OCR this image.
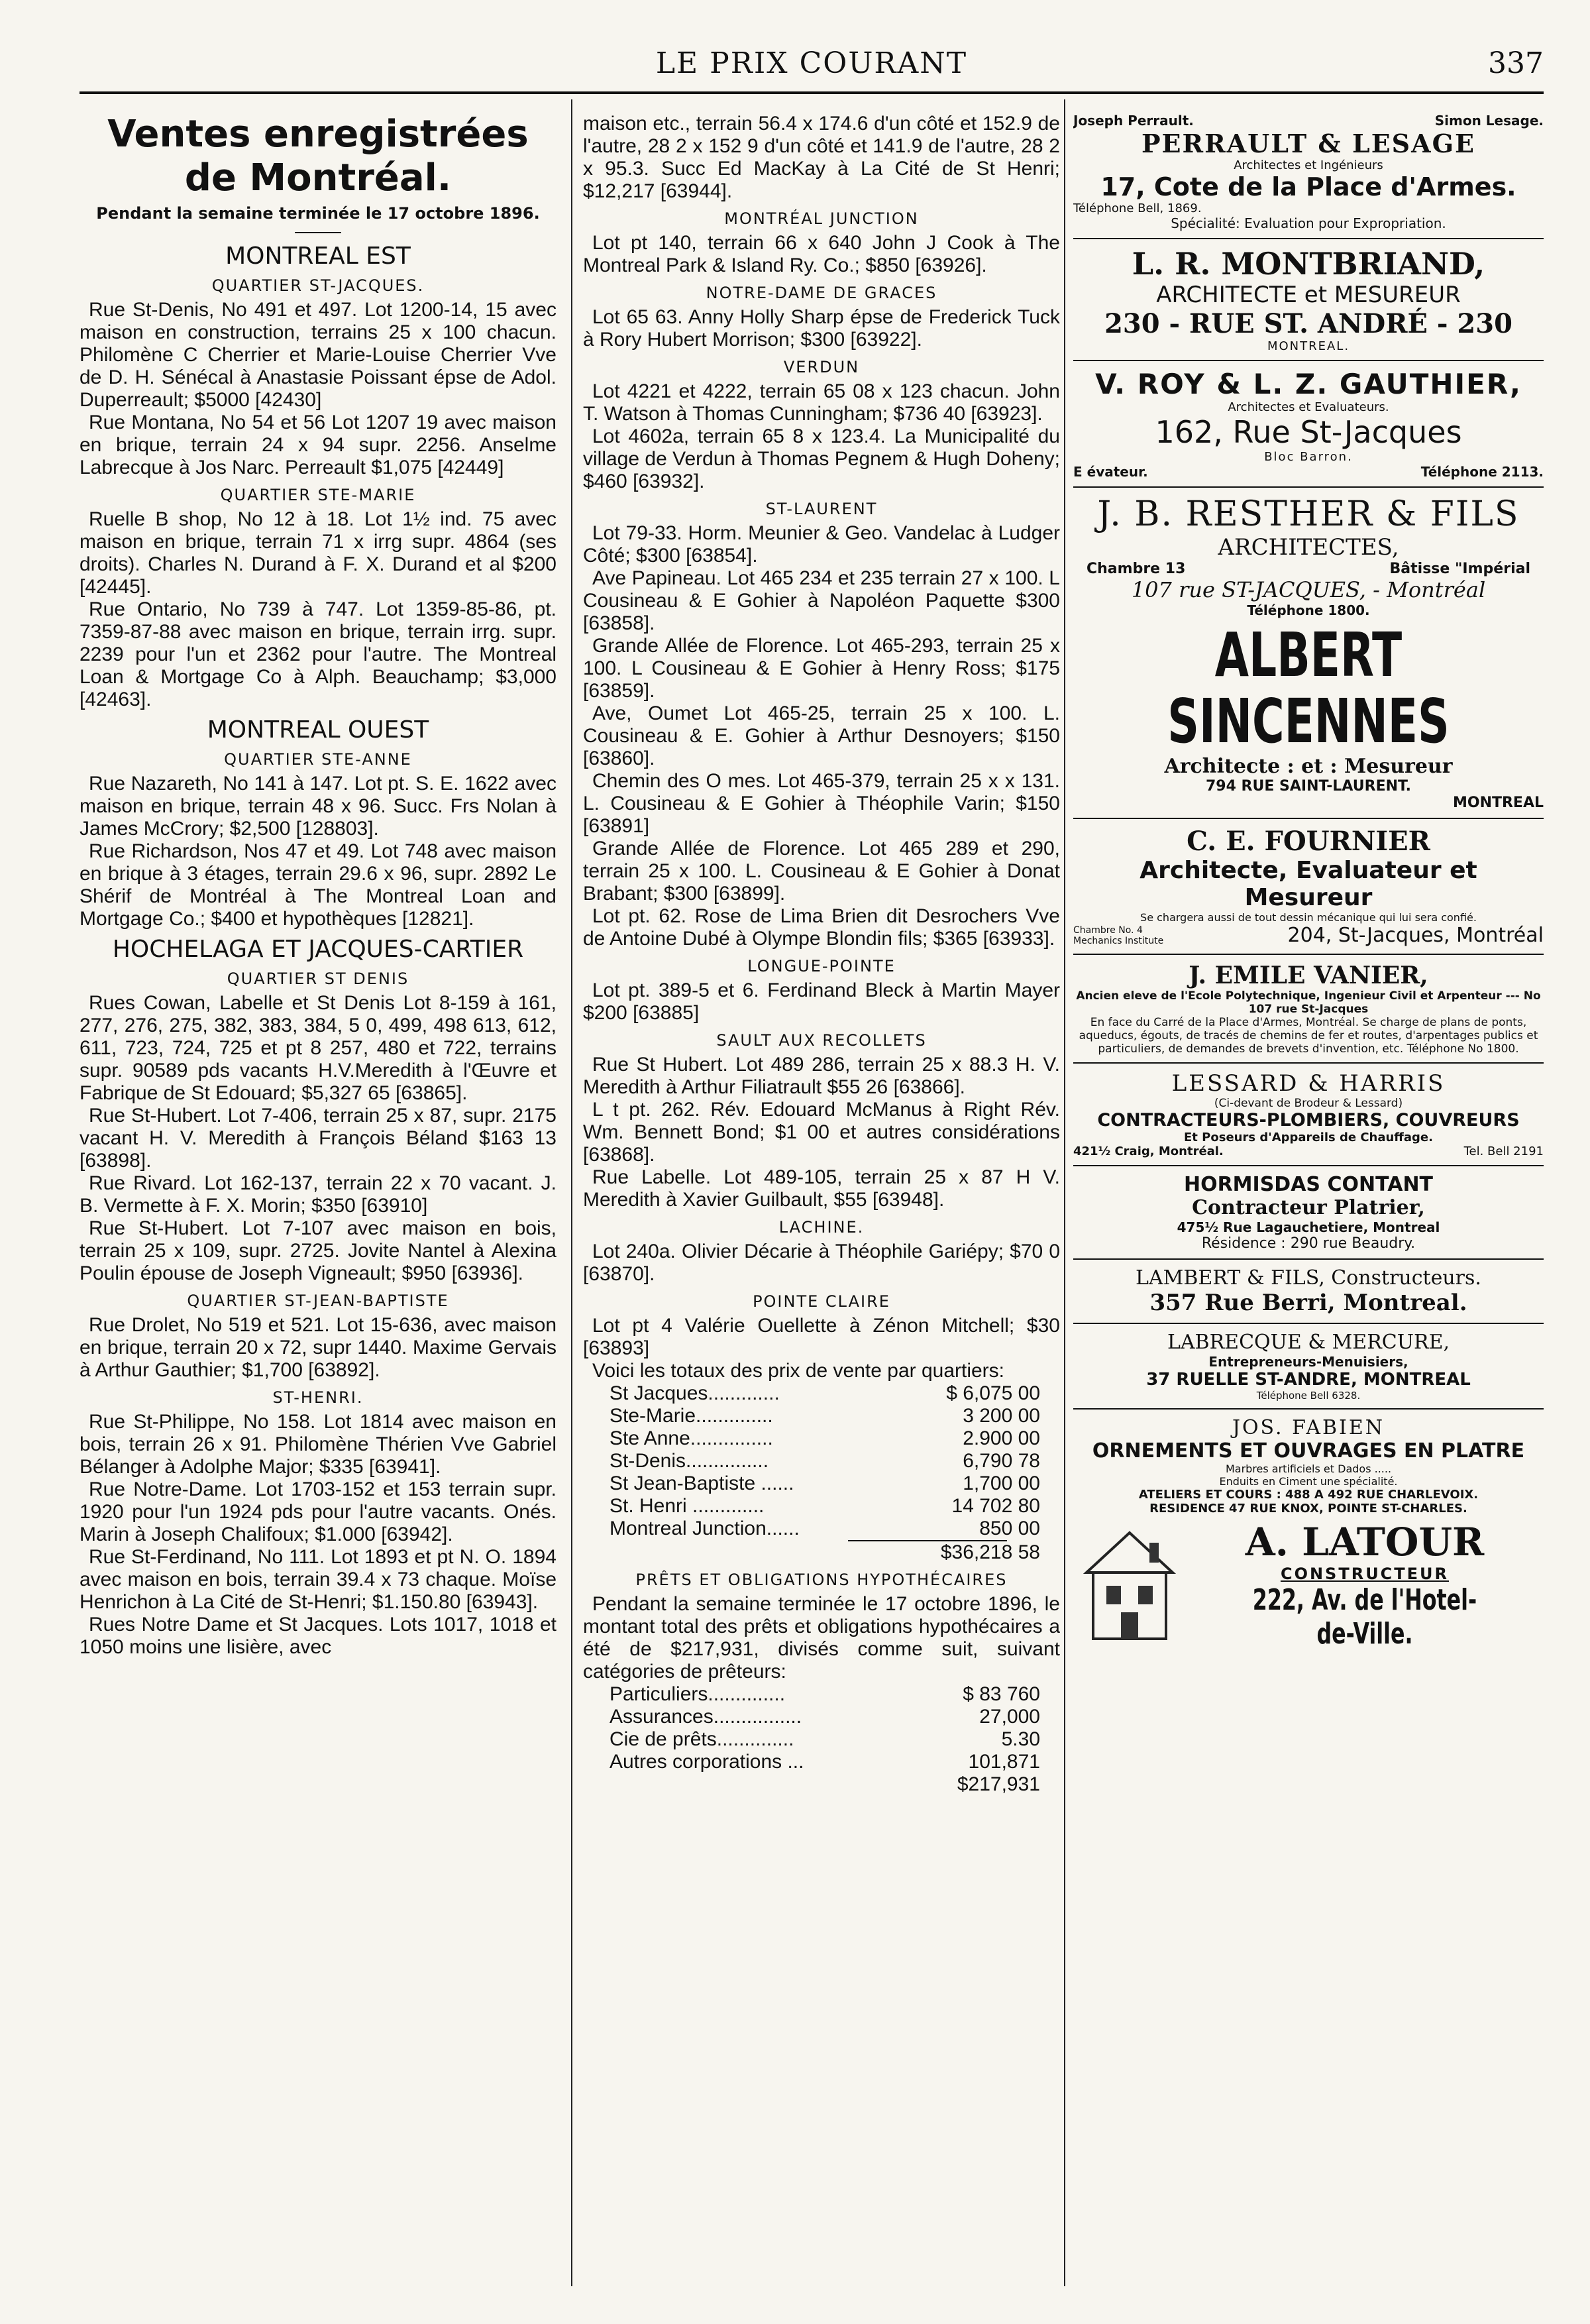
LE PRIX COURANT	337

Ventes enregistrées

de Montréal.

Pendant la semaine terminée le 17 octobre 1896.

MONTREAL EST
QUARTIER ST-JACQUES.

Rue St-Denis, No 491 et 497. Lot 1200-14, 15 avec maison en construction, terrains 25 x 100 chacun. Philomène C Cherrier et Marie-Louise Cherrier Vve de D. H. Sénécal à Anastasie Poissant épse de Adol. Duperreault; $5000 [42430]

Rue Montana, No 54 et 56 Lot 1207 19 avec maison en brique, terrain 24 x 94 supr. 2256. Anselme Labrecque à Jos Narc. Perreault $1,075 [42449]

QUARTIER STE-MARIE

Ruelle B shop, No 12 à 18. Lot 1½ ind. 75 avec maison en brique, terrain 71 x irrg supr. 4864 (ses droits). Charles N. Durand à F. X. Durand et al $200 [42445].

Rue Ontario, No 739 à 747. Lot 1359-85-86, pt. 7359-87-88 avec maison en brique, terrain irrg. supr. 2239 pour l'un et 2362 pour l'autre. The Montreal Loan & Mortgage Co à Alph. Beauchamp; $3,000 [42463].

MONTREAL OUEST
QUARTIER STE-ANNE

Rue Nazareth, No 141 à 147. Lot pt. S. E. 1622 avec maison en brique, terrain 48 x 96. Succ. Frs Nolan à James McCrory; $2,500 [128803].

Rue Richardson, Nos 47 et 49. Lot 748 avec maison en brique à 3 étages, terrain 29.6 x 96, supr. 2892 Le Shérif de Montréal à The Montreal Loan and Mortgage Co.; $400 et hypothèques [12821].

HOCHELAGA ET JACQUES-CARTIER
QUARTIER ST DENIS

Rues Cowan, Labelle et St Denis Lot 8-159 à 161, 277, 276, 275, 382, 383, 384, 5 0, 499, 498 613, 612, 611, 723, 724, 725 et pt 8 257, 480 et 722, terrains supr. 90589 pds vacants H.V.Meredith à l'Œuvre et Fabrique de St Edouard; $5,327 65 [63865].

Rue St-Hubert. Lot 7-406, terrain 25 x 87, supr. 2175 vacant H. V. Meredith à François Béland $163 13 [63898].

Rue Rivard. Lot 162-137, terrain 22 x 70 vacant. J. B. Vermette à F. X. Morin; $350 [63910]

Rue St-Hubert. Lot 7-107 avec maison en bois, terrain 25 x 109, supr. 2725. Jovite Nantel à Alexina Poulin épouse de Joseph Vigneault; $950 [63936].

QUARTIER ST-JEAN-BAPTISTE

Rue Drolet, No 519 et 521. Lot 15-636, avec maison en brique, terrain 20 x 72, supr 1440. Maxime Gervais à Arthur Gauthier; $1,700 [63892].

ST-HENRI.

Rue St-Philippe, No 158. Lot 1814 avec maison en bois, terrain 26 x 91. Philomène Thérien Vve Gabriel Bélanger à Adolphe Major; $335 [63941].

Rue Notre-Dame. Lot 1703-152 et 153 terrain supr. 1920 pour l'un 1924 pds pour l'autre vacants. Onés. Marin à Joseph Chalifoux; $1.000 [63942].

Rue St-Ferdinand, No 111. Lot 1893 et pt N. O. 1894 avec maison en bois, terrain 39.4 x 73 chaque. Moïse Henrichon à La Cité de St-Henri; $1.150.80 [63943].

Rues Notre Dame et St Jacques. Lots 1017, 1018 et 1050 moins une lisière, avec

maison etc., terrain 56.4 x 174.6 d'un côté et 152.9 de l'autre, 28 2 x 152 9 d'un côté et 141.9 de l'autre, 28 2 x 95.3. Succ Ed MacKay à La Cité de St Henri; $12,217 [63944].

MONTRÉAL JUNCTION

Lot pt 140, terrain 66 x 640 John J Cook à The Montreal Park & Island Ry. Co.; $850 [63926].

NOTRE-DAME DE GRACES

Lot 65 63. Anny Holly Sharp épse de Frederick Tuck à Rory Hubert Morrison; $300 [63922].

VERDUN

Lot 4221 et 4222, terrain 65 08 x 123 chacun. John T. Watson à Thomas Cunningham; $736 40 [63923].

Lot 4602a, terrain 65 8 x 123.4. La Municipalité du village de Verdun à Thomas Pegnem & Hugh Doheny; $460 [63932].

ST-LAURENT

Lot 79-33. Horm. Meunier & Geo. Vandelac à Ludger Côté; $300 [63854].

Ave Papineau. Lot 465 234 et 235 terrain 27 x 100. L Cousineau & E Gohier à Napoléon Paquette $300 [63858].

Grande Allée de Florence. Lot 465-293, terrain 25 x 100. L Cousineau & E Gohier à Henry Ross; $175 [63859].

Ave, Oumet Lot 465-25, terrain 25 x 100. L. Cousineau & E. Gohier à Arthur Desnoyers; $150 [63860].

Chemin des O mes. Lot 465-379, terrain 25 x x 131. L. Cousineau & E Gohier à Théophile Varin; $150 [63891]

Grande Allée de Florence. Lot 465 289 et 290, terrain 25 x 100. L. Cousineau & E Gohier à Donat Brabant; $300 [63899].

Lot pt. 62. Rose de Lima Brien dit Desrochers Vve de Antoine Dubé à Olympe Blondin fils; $365 [63933].

LONGUE-POINTE

Lot pt. 389-5 et 6. Ferdinand Bleck à Martin Mayer $200 [63885]

SAULT AUX RECOLLETS

Rue St Hubert. Lot 489 286, terrain 25 x 88.3 H. V. Meredith à Arthur Filiatrault $55 26 [63866].

L t pt. 262. Rév. Edouard McManus à Right Rév. Wm. Bennett Bond; $1 00 et autres considérations [63868].

Rue Labelle. Lot 489-105, terrain 25 x 87 H V. Meredith à Xavier Guilbault, $55 [63948].

LACHINE.

Lot 240a. Olivier Décarie à Théophile Gariépy; $70 0 [63870].

POINTE CLAIRE

Lot pt 4 Valérie Ouellette à Zénon Mitchell; $30 [63893]

Voici les totaux des prix de vente par quartiers:

St Jacques.............	$ 6,075 00
Ste-Marie..............	3 200 00
Ste Anne...............	2.900 00
St-Denis...............	6,790 78
St Jean-Baptiste ......	1,700 00
St. Henri .............	14 702 80
Montreal Junction......	850 00
$36,218 58
PRÊTS ET OBLIGATIONS HYPOTHÉCAIRES

Pendant la semaine terminée le 17 octobre 1896, le montant total des prêts et obligations hypothécaires a été de $217,931, divisés comme suit, suivant catégories de prêteurs:

Particuliers..............	$ 83 760
Assurances................	27,000
Cie de prêts..............	5.30
Autres corporations ...	101,871
$217,931
Joseph Perrault.	Simon Lesage.

PERRAULT & LESAGE

Architectes et Ingénieurs

17, Cote de la Place d'Armes.

Téléphone Bell, 1869.

Spécialité: Evaluation pour Expropriation.

L. R. MONTBRIAND,

ARCHITECTE et MESUREUR

230 - RUE ST. ANDRÉ - 230

MONTREAL.

V. ROY & L. Z. GAUTHIER,

Architectes et Evaluateurs.

162, Rue St-Jacques

Bloc Barron.

E évateur.	Téléphone 2113.

J. B. RESTHER & FILS

ARCHITECTES,

Chambre 13	Bâtisse "Impérial

107 rue ST-JACQUES, - Montréal

Téléphone 1800.

ALBERT SINCENNES

Architecte : et : Mesureur

794 RUE SAINT-LAURENT.

MONTREAL

C. E. FOURNIER

Architecte, Evaluateur et Mesureur

Se chargera aussi de tout dessin mécanique qui lui sera confié.

Chambre No. 4 Mechanics Institute	204, St-Jacques, Montréal

J. EMILE VANIER,

Ancien eleve de l'Ecole Polytechnique, Ingenieur Civil et Arpenteur --- No 107 rue St-Jacques

En face du Carré de la Place d'Armes, Montréal. Se charge de plans de ponts, aqueducs, égouts, de tracés de chemins de fer et routes, d'arpentages publics et particuliers, de demandes de brevets d'invention, etc. Téléphone No 1800.

LESSARD & HARRIS

(Ci-devant de Brodeur & Lessard)

CONTRACTEURS-PLOMBIERS, COUVREURS

Et Poseurs d'Appareils de Chauffage.

421½ Craig, Montréal.	Tel. Bell 2191

HORMISDAS CONTANT

Contracteur Platrier,

475½ Rue Lagauchetiere, Montreal

Résidence : 290 rue Beaudry.

LAMBERT & FILS, Constructeurs.

357 Rue Berri, Montreal.

LABRECQUE & MERCURE,

Entrepreneurs-Menuisiers,

37 RUELLE ST-ANDRE, MONTREAL

Téléphone Bell 6328.

JOS. FABIEN

ORNEMENTS ET OUVRAGES EN PLATRE

Marbres artificiels et Dados .....

Enduits en Ciment une spécialité.

ATELIERS ET COURS : 488 A 492 RUE CHARLEVOIX.

RESIDENCE 47 RUE KNOX, POINTE ST-CHARLES.

A. LATOUR

CONSTRUCTEUR

222, Av. de l'Hotel-de-Ville.
